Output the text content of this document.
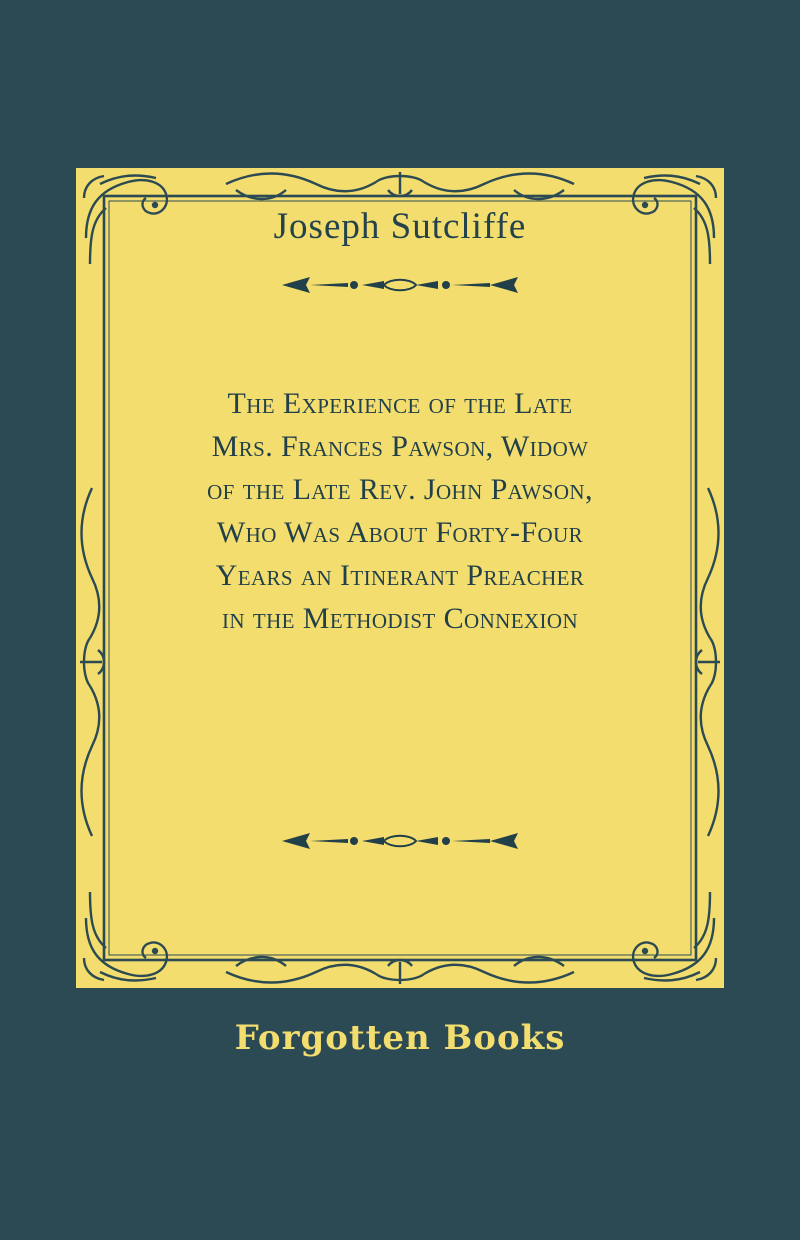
Joseph Sutcliffe
The Experience of the Late
Mrs. Frances Pawson, Widow
of the Late Rev. John Pawson,
Who Was About Forty-Four
Years an Itinerant Preacher
in the Methodist Connexion
Forgotten Books
